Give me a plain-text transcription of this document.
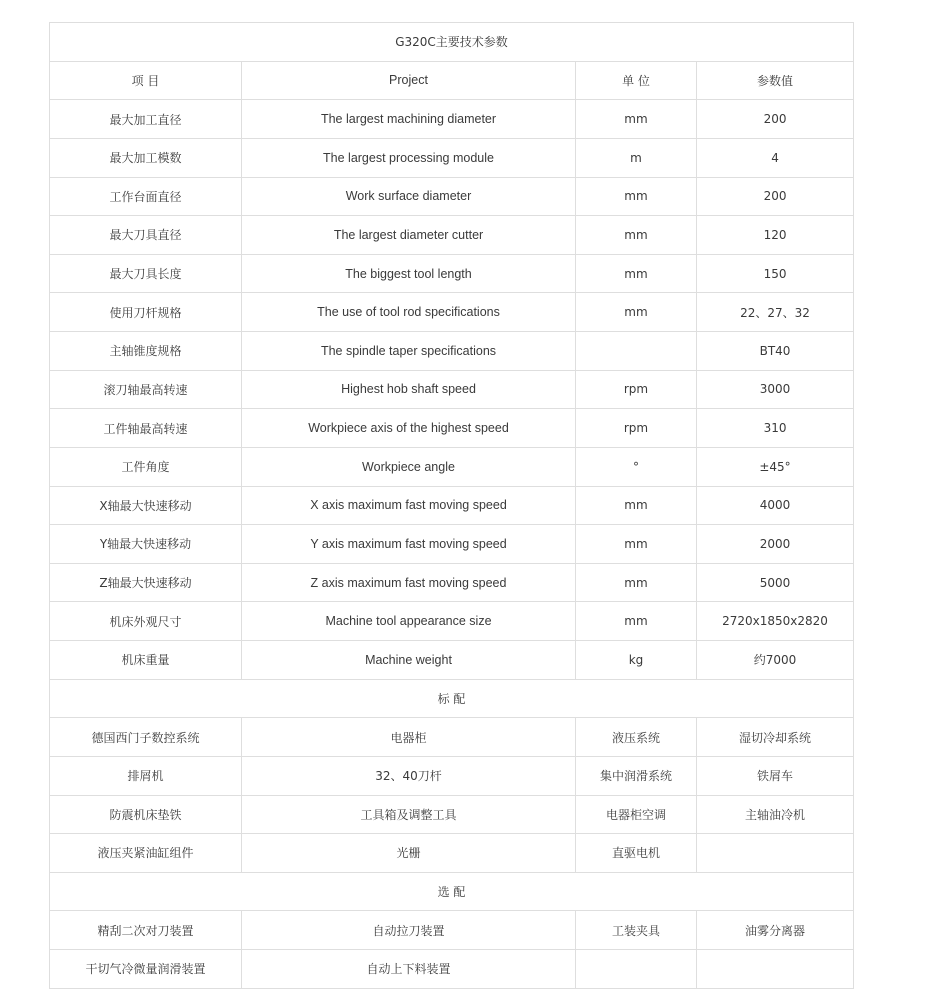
G320C主要技术参数			
项 目	Project	单 位	参数值
最大加工直径	The largest machining diameter	mm	200
最大加工模数	The largest processing module	m	4
工作台面直径	Work surface diameter	mm	200
最大刀具直径	The largest diameter cutter	mm	120
最大刀具长度	The biggest tool length	mm	150
使用刀杆规格	The use of tool rod specifications	mm	22、27、32
主轴锥度规格	The spindle taper specifications		BT40
滚刀轴最高转速	Highest hob shaft speed	rpm	3000
工件轴最高转速	Workpiece axis of the highest speed	rpm	310
工件角度	Workpiece angle	°	±45°
X轴最大快速移动	X axis maximum fast moving speed	mm	4000
Y轴最大快速移动	Y axis maximum fast moving speed	mm	2000
Z轴最大快速移动	Z axis maximum fast moving speed	mm	5000
机床外观尺寸	Machine tool appearance size	mm	2720x1850x2820
机床重量	Machine weight	kg	约7000
标 配			
德国西门子数控系统	电器柜	液压系统	湿切冷却系统
排屑机	32、40刀杆	集中润滑系统	铁屑车
防震机床垫铁	工具箱及调整工具	电器柜空调	主轴油冷机
液压夹紧油缸组件	光栅	直驱电机	
选 配			
精刮二次对刀装置	自动拉刀装置	工装夹具	油雾分离器
干切气冷微量润滑装置	自动上下料装置		
